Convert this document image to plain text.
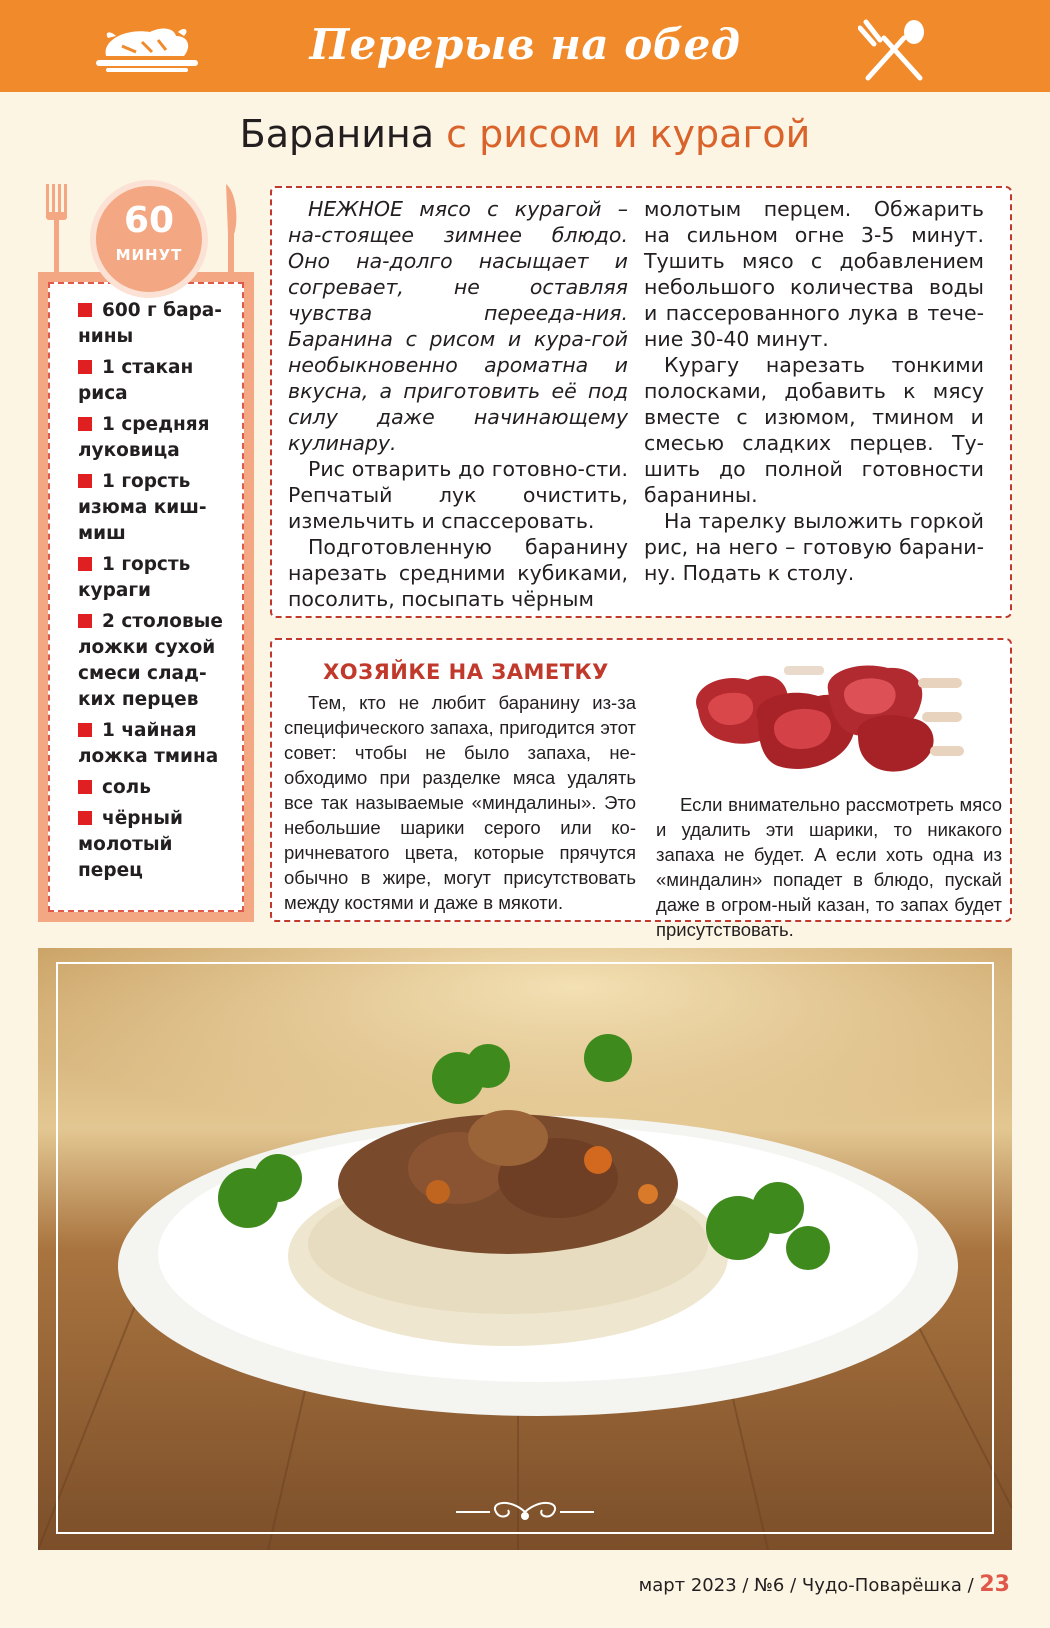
Перерыв на обед
Баранина с рисом и курагой
600 г бара-нины
1 стакан риса
1 средняя луковица
1 горсть изюма киш-миш
1 горсть кураги
2 столовые ложки сухой смеси слад-ких перцев
1 чайная ложка тмина
соль
чёрный молотый перец
60
МИНУТ

НЕЖНОЕ мясо с курагой – на-стоящее зимнее блюдо. Оно на-долго насыщает и согревает, не оставляя чувства переедa-ния. Баранина с рисом и кура-гой необыкновенно ароматна и вкусна, а приготовить её под силу даже начинающему кулинару.

Рис отварить до готовно-сти. Репчатый лук очистить, измельчить и спассеровать.

Подготовленную баранину нарезать средними кубиками, посолить, посыпать чёрным

молотым перцем. Обжарить на сильном огне 3-5 минут. Тушить мясо с добавлением небольшого количества воды и пассерованного лука в тече-ние 30-40 минут.

Курагу нарезать тонкими полосками, добавить к мясу вместе с изюмом, тмином и смесью сладких перцев. Ту-шить до полной готовности баранины.

На тарелку выложить горкой рис, на него – готовую барани-ну. Подать к столу.

ХОЗЯЙКЕ НА ЗАМЕТКУ
Тем, кто не любит баранину из-за специфического запаха, пригодится этот совет: чтобы не было запаха, не-обходимо при разделке мяса удалять все так называемые «миндалины». Это небольшие шарики серого или ко-ричневатого цвета, которые прячутся обычно в жире, могут присутствовать между костями и даже в мякоти.
Если внимательно рассмотреть мясо и удалить эти шарики, то никакого запаха не будет. А если хоть одна из «миндалин» попадет в блюдо, пускай даже в огром-ный казан, то запах будет присутствовать.
март 2023 / №6 / Чудо-Поварёшка / 23
